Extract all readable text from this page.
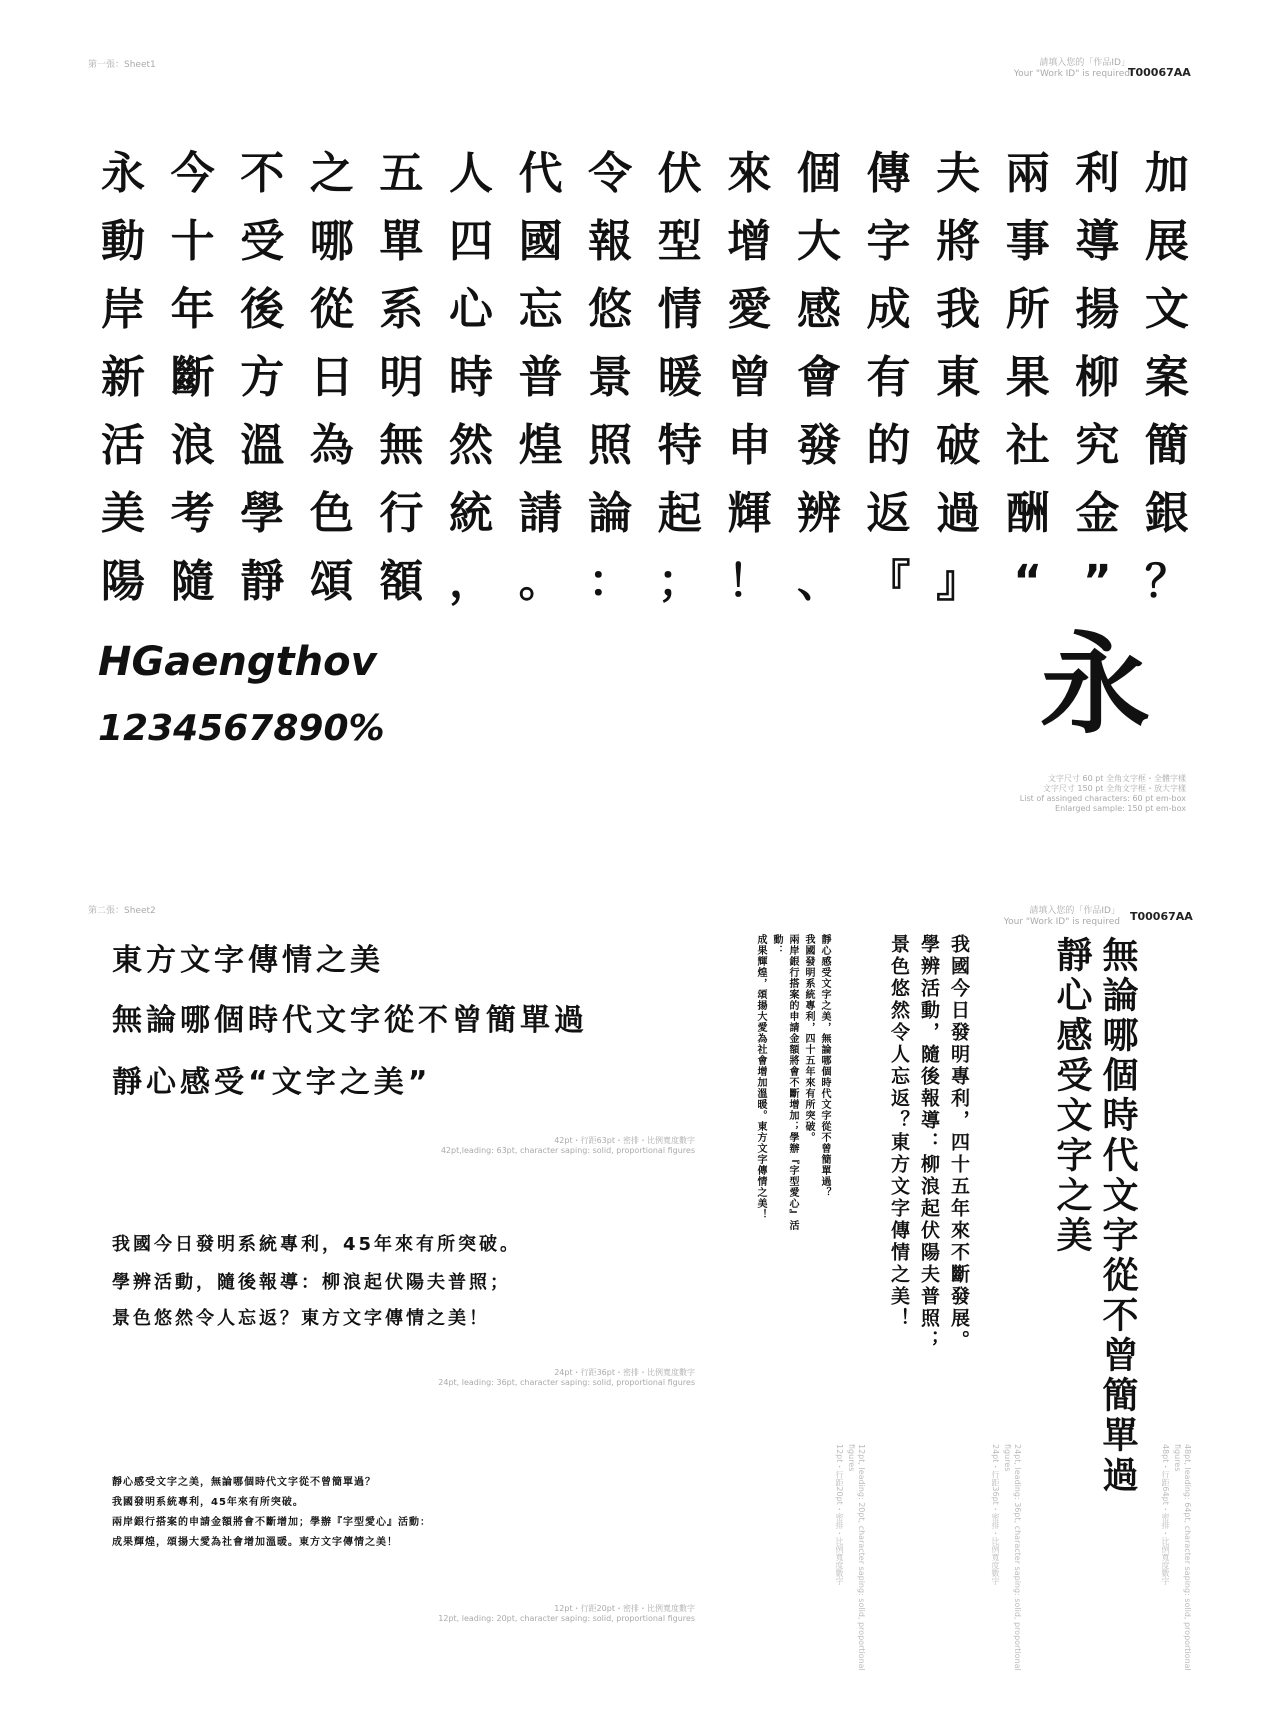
第一張：Sheet1	請填入您的「作品ID」
Your "Work ID" is required
T00067AA
永 今 不 之 五 人 代 令 伏 來 個 傳 夫 兩 利 加
動 十 受 哪 單 四 國 報 型 增 大 字 將 事 導 展
岸 年 後 從 系 心 忘 悠 情 愛 感 成 我 所 揚 文
新 斷 方 日 明 時 普 景 暖 曾 會 有 東 果 柳 案
活 浪 溫 為 無 然 煌 照 特 申 發 的 破 社 究 簡
美 考 學 色 行 統 請 論 起 輝 辨 返 過 酬 金 銀
陽 隨 靜 頌 額 ， 。 ： ； ！ 、 『 』 “ ” ？
HGaengthov
1234567890%	永
文字尺寸 60 pt 全角文字框・全體字樣
文字尺寸 150 pt 全角文字框・放大字樣
List of assinged characters: 60 pt em-box
Enlarged sample: 150 pt em-box
第二張：Sheet2	請填入您的「作品ID」
Your "Work ID" is required T00067AA
東方文字傳情之美
無論哪個時代文字從不曾簡單過
靜心感受“文字之美”
42pt・行距63pt・密排・比例寬度數字
42pt,leading: 63pt, character saping: solid, proportional figures
我國今日發明系統專利，45年來有所突破。
學辨活動，隨後報導：柳浪起伏陽夫普照；
景色悠然令人忘返？東方文字傳情之美！
24pt・行距36pt・密排・比例寬度數字
24pt, leading: 36pt, character saping: solid, proportional figures
靜心感受文字之美，無論哪個時代文字從不曾簡單過？
我國發明系統專利，45年來有所突破。
兩岸銀行搭案的申請金額將會不斷增加；學辦『字型愛心』活動：
成果輝煌，頌揚大愛為社會增加溫暖。東方文字傳情之美！
12pt・行距20pt・密排・比例寬度數字
12pt, leading: 20pt, character saping: solid, proportional figures
靜心感受文字之美，無論哪個時代文字從不曾簡單過？
我國發明系統專利，四十五年來有所突破。
兩岸銀行搭案的申請金額將會不斷增加；學辦『字型愛心』活動：
成果輝煌，頌揚大愛為社會增加溫暖。東方文字傳情之美！
12pt・行距20pt・密排・比例寬度數字	12pt, leading: 20pt, character saping: solid, proportional figures
我國今日發明專利，四十五年來不斷發展。
學辨活動，隨後報導：柳浪起伏陽夫普照；
景色悠然令人忘返？東方文字傳情之美！
24pt・行距36pt・密排・比例寬度數字	24pt, leading: 36pt, character saping: solid, proportional figures 無論哪個時代文字從不曾簡單過
靜心感受文字之美
48pt・行距64pt・密排・比例寬度數字	48pt, leading: 64pt, character saping: solid, proportional figures
